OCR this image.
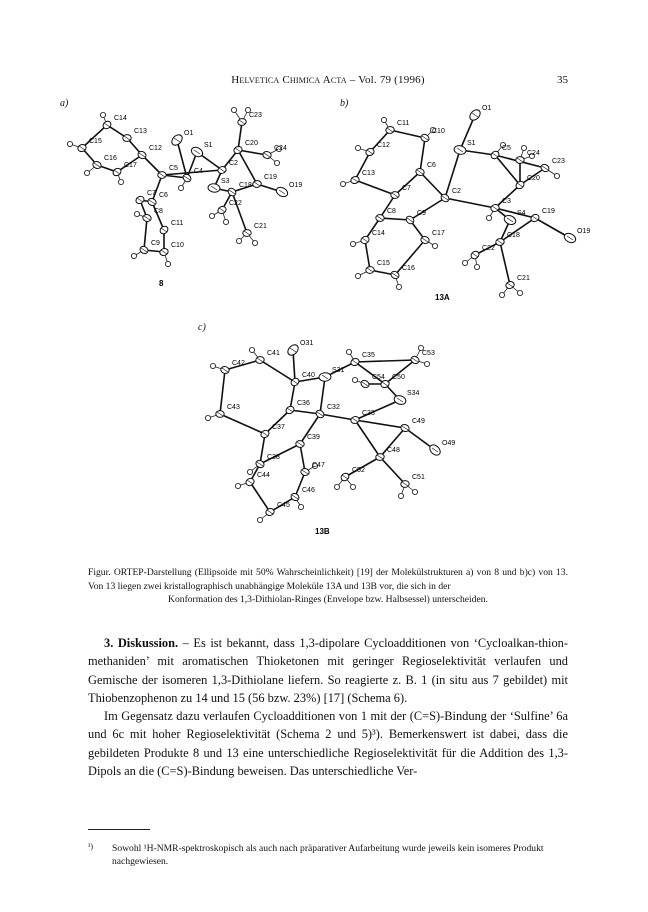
Helvetica Chimica Acta – Vol. 79 (1996)	35
a)
O1
C23
S1	C20
C24
C14
C13
C12
C15
C16
C17	C5 C4
C2
C6
C7
S3
C18
C19
O19
C22
C8
C11	C21
C9 C10
8
b)	O1
C11
C10
C12	S1
C5
C24
C23
C13
C6
C20
C7	C2
C3
S4 C19
C8	C9
C18
O19
C14	C17
C22
C15
C16
C21
13A
c)
O31
C41	C53
C35
C42
C40
S31
C54 C50
S34
C36
C43	C32
C33
C49
C37
C39
O49
C48
C38
C44
C47
C52
C51
C46
C45
13B
Figur. ORTEP-Darstellung (Ellipsoide mit 50% Wahrscheinlichkeit) [19] der Molekülstrukturen a) von 8 und b)c) von 13. Von 13 liegen zwei kristallographisch unabhängige Moleküle 13A und 13B vor, die sich in der
Konformation des 1,3-Dithiolan-Ringes (Envelope bzw. Halbsessel) unterscheiden.

3. Diskussion. – Es ist bekannt, dass 1,3-dipolare Cycloadditionen von ‘Cycloalkan-thion-methaniden’ mit aromatischen Thioketonen mit geringer Regioselektivität verlaufen und Gemische der isomeren 1,3-Dithiolane liefern. So reagierte z. B. 1 (in situ aus 7 gebildet) mit Thiobenzophenon zu 14 und 15 (56 bzw. 23%) [17] (Schema 6).

Im Gegensatz dazu verlaufen Cycloadditionen von 1 mit der (C=S)-Bindung der ‘Sulfine’ 6a und 6c mit hoher Regioselektivität (Schema 2 und 5)³). Bemerkenswert ist dabei, dass die gebildeten Produkte 8 und 13 eine unterschiedliche Regioselektivität für die Addition des 1,3-Dipols an die (C=S)-Bindung beweisen. Das unterschiedliche Ver-

³) Sowohl ¹H-NMR-spektroskopisch als auch nach präparativer Aufarbeitung wurde jeweils kein isomeres Produkt nachgewiesen.
